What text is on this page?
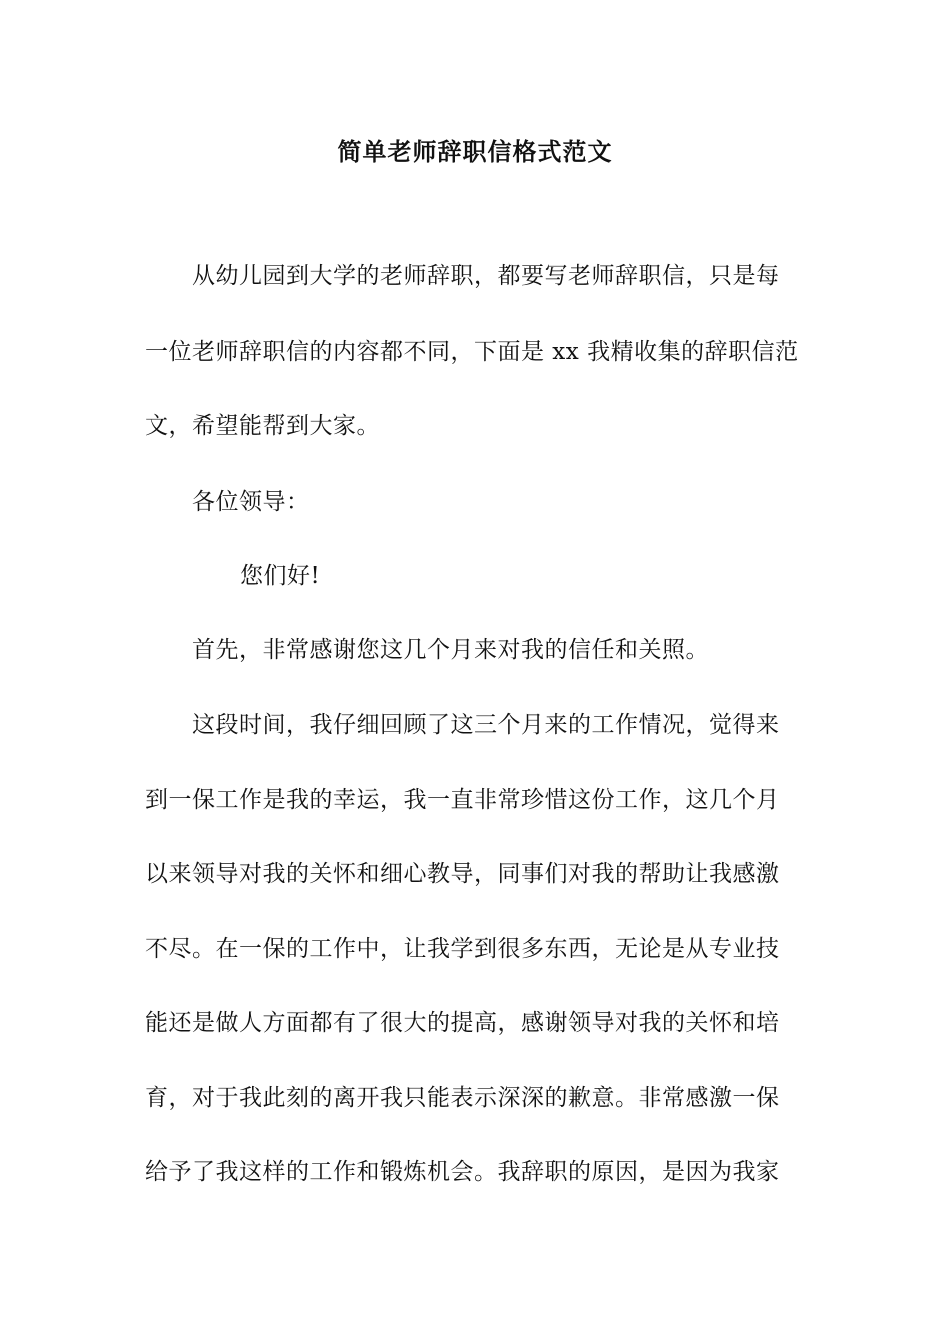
简单老师辞职信格式范文
从幼儿园到大学的老师辞职，都要写老师辞职信，只是每
一位老师辞职信的内容都不同，下面是 xx 我精收集的辞职信范
文，希望能帮到大家。
各位领导：
您们好!
首先，非常感谢您这几个月来对我的信任和关照。
这段时间，我仔细回顾了这三个月来的工作情况，觉得来
到一保工作是我的幸运，我一直非常珍惜这份工作，这几个月
以来领导对我的关怀和细心教导，同事们对我的帮助让我感激
不尽。在一保的工作中，让我学到很多东西，无论是从专业技
能还是做人方面都有了很大的提高，感谢领导对我的关怀和培
育，对于我此刻的离开我只能表示深深的歉意。非常感激一保
给予了我这样的工作和锻炼机会。我辞职的原因，是因为我家
